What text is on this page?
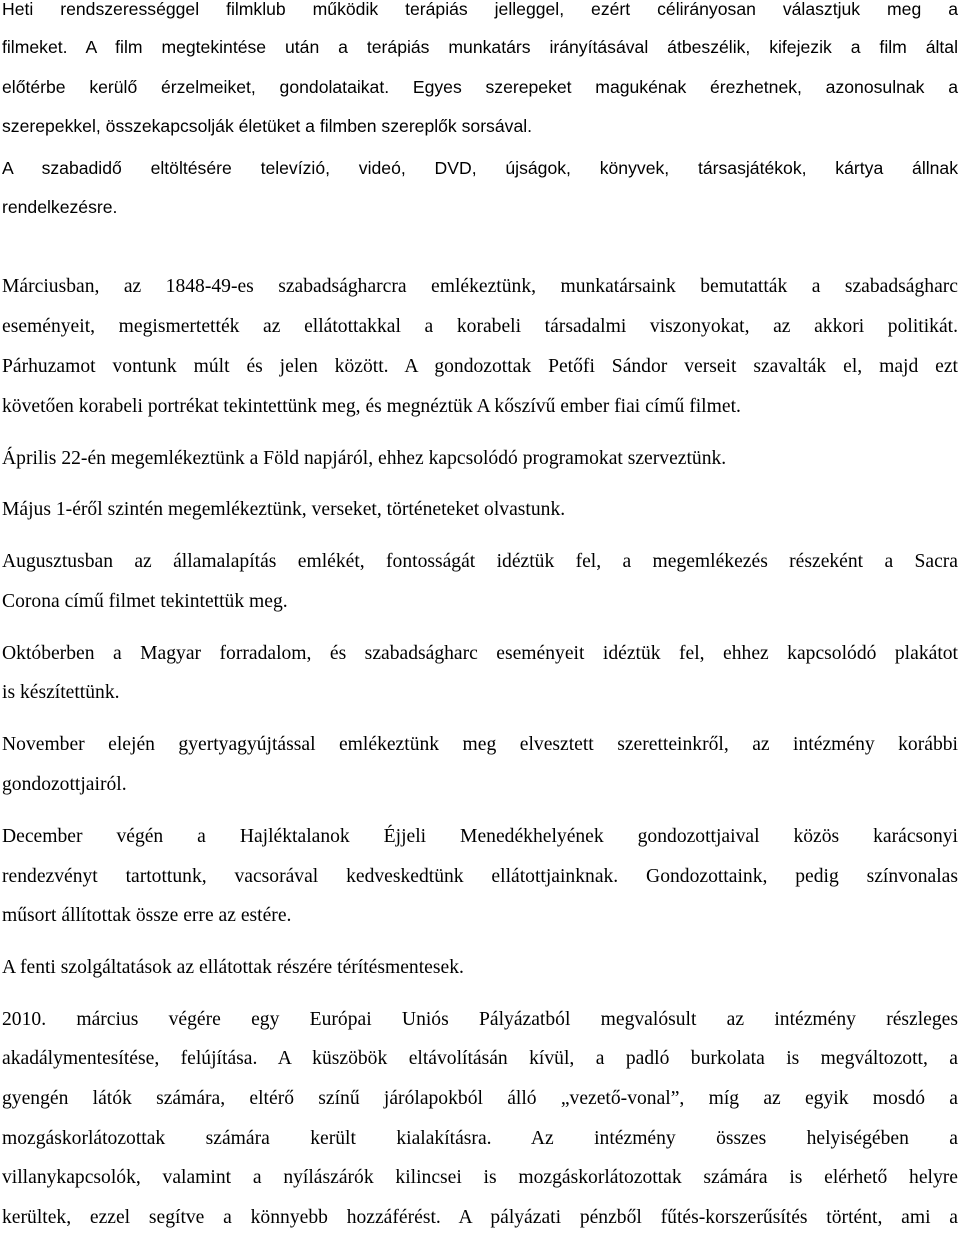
Heti rendszerességgel filmklub működik terápiás jelleggel, ezért célirányosan választjuk meg a
filmeket. A film megtekintése után a terápiás munkatárs irányításával átbeszélik, kifejezik a film által
előtérbe kerülő érzelmeiket, gondolataikat. Egyes szerepeket magukénak érezhetnek, azonosulnak a
szerepekkel, összekapcsolják életüket a filmben szereplők sorsával.
A szabadidő eltöltésére televízió, videó, DVD, újságok, könyvek, társasjátékok, kártya állnak
rendelkezésre.
Márciusban, az 1848-49-es szabadságharcra emlékeztünk, munkatársaink bemutatták a szabadságharc
eseményeit, megismertették az ellátottakkal a korabeli társadalmi viszonyokat, az akkori politikát.
Párhuzamot vontunk múlt és jelen között. A gondozottak Petőfi Sándor verseit szavalták el, majd ezt
követően korabeli portrékat tekintettünk meg, és megnéztük A kőszívű ember fiai című filmet.
Április 22-én megemlékeztünk a Föld napjáról, ehhez kapcsolódó programokat szerveztünk.
Május 1-éről szintén megemlékeztünk, verseket, történeteket olvastunk.
Augusztusban az államalapítás emlékét, fontosságát idéztük fel, a megemlékezés részeként a Sacra
Corona című filmet tekintettük meg.
Októberben a Magyar forradalom, és szabadságharc eseményeit idéztük fel, ehhez kapcsolódó plakátot
is készítettünk.
November elején gyertyagyújtással emlékeztünk meg elvesztett szeretteinkről, az intézmény korábbi
gondozottjairól.
December végén a Hajléktalanok Éjjeli Menedékhelyének gondozottjaival közös karácsonyi
rendezvényt tartottunk, vacsorával kedveskedtünk ellátottjainknak. Gondozottaink, pedig színvonalas
műsort állítottak össze erre az estére.
A fenti szolgáltatások az ellátottak részére térítésmentesek.
2010. március végére egy Európai Uniós Pályázatból megvalósult az intézmény részleges
akadálymentesítése, felújítása. A küszöbök eltávolításán kívül, a padló burkolata is megváltozott, a
gyengén látók számára, eltérő színű járólapokból álló „vezető-vonal”, míg az egyik mosdó a
mozgáskorlátozottak számára került kialakításra. Az intézmény összes helyiségében a
villanykapcsolók, valamint a nyílászárók kilincsei is mozgáskorlátozottak számára is elérhető helyre
kerültek, ezzel segítve a könnyebb hozzáférést. A pályázati pénzből fűtés-korszerűsítés történt, ami a
